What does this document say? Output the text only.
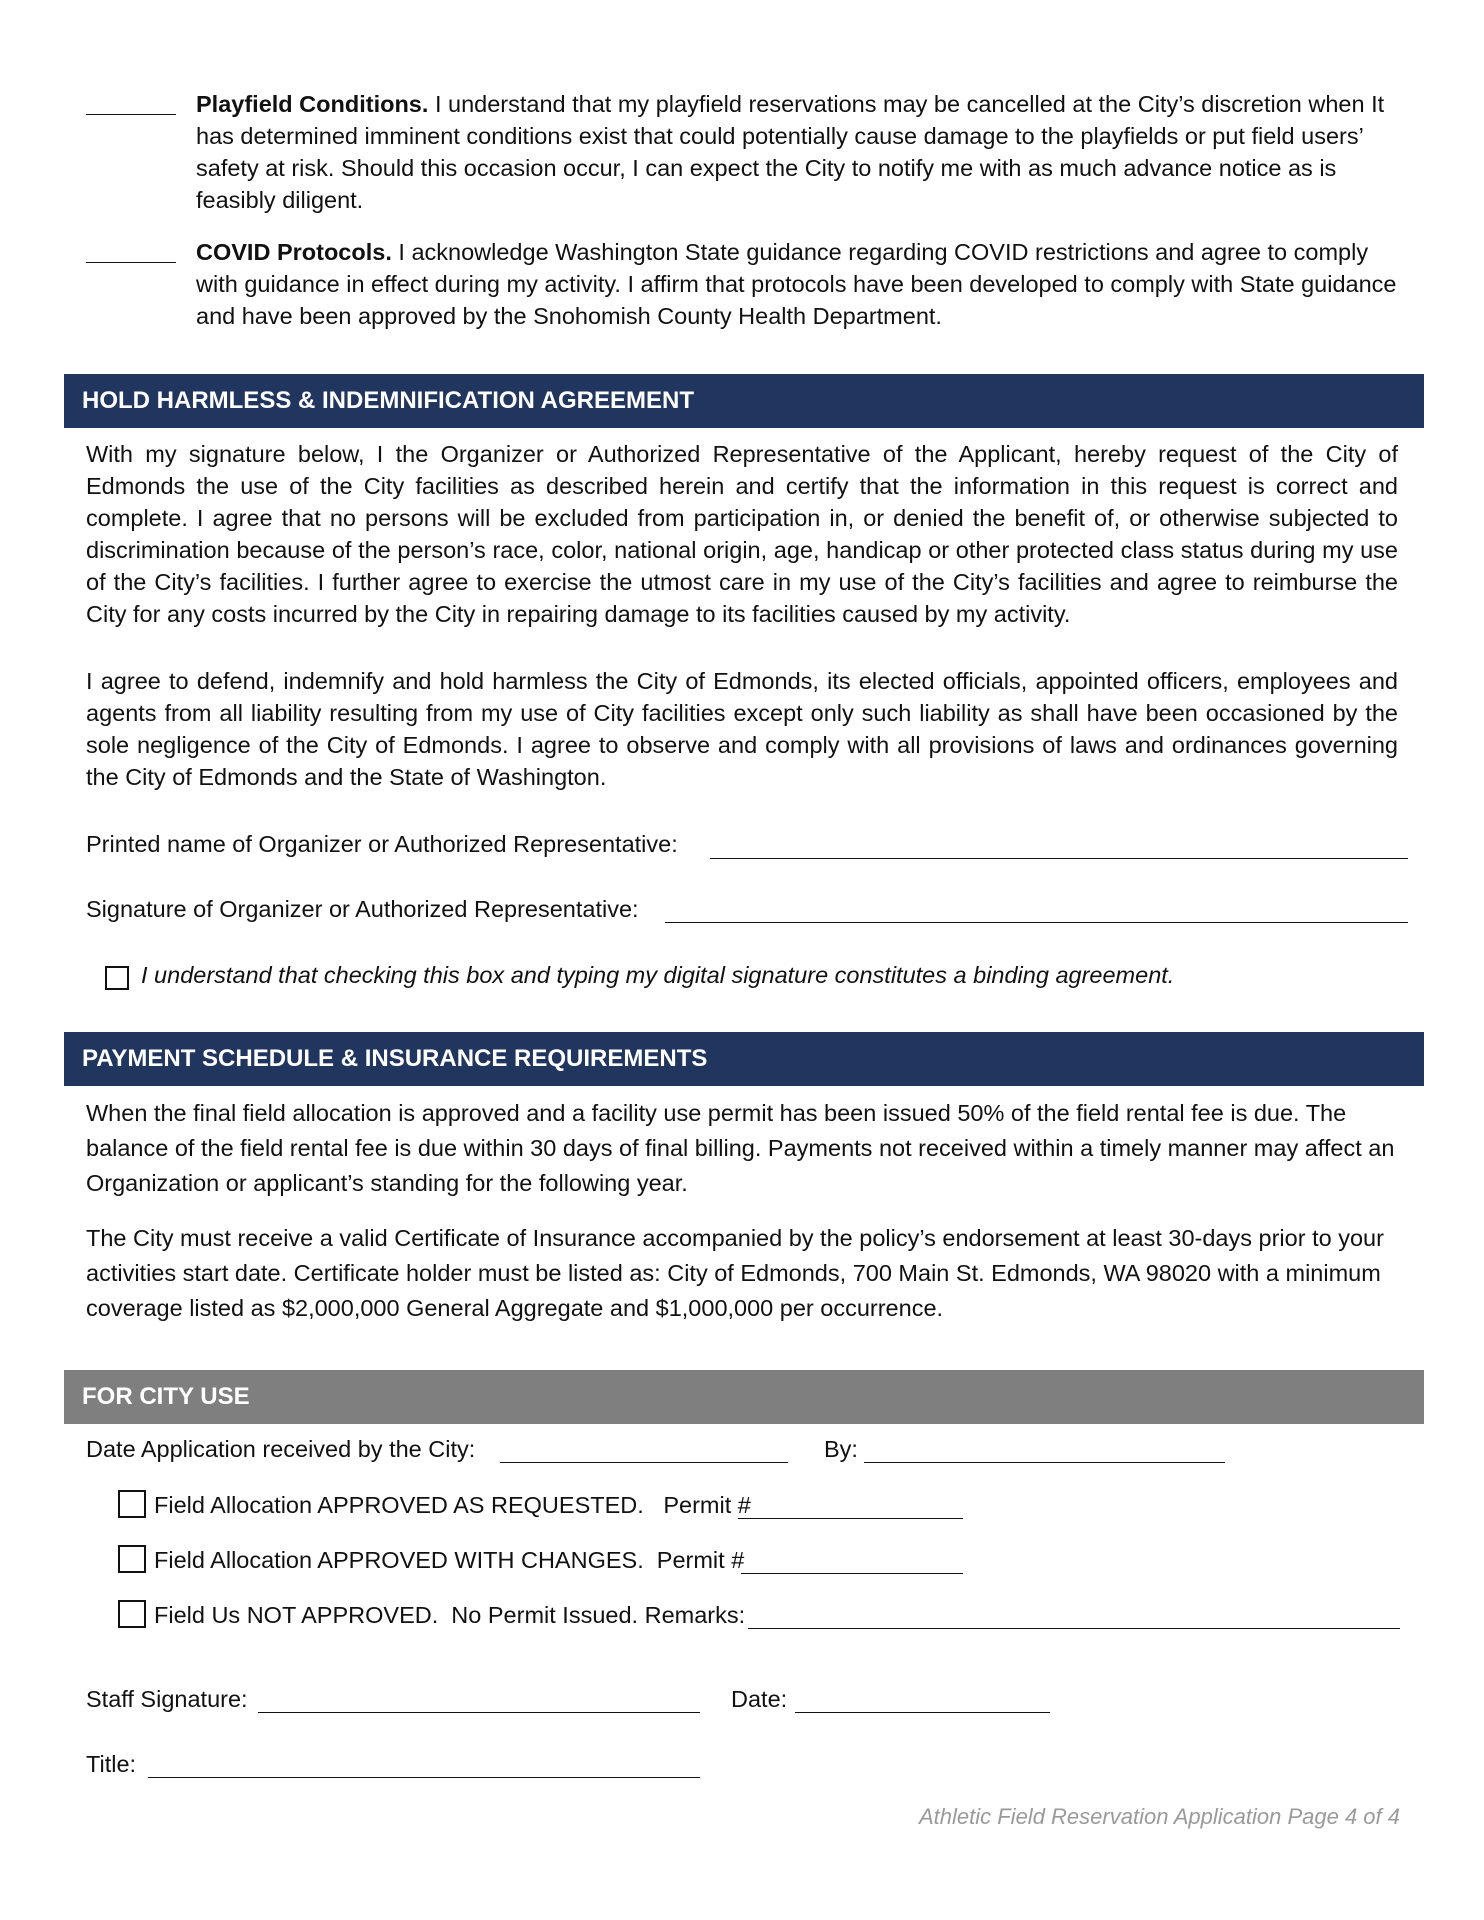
Playfield Conditions. I understand that my playfield reservations may be cancelled at the City’s discretion when It has determined imminent conditions exist that could potentially cause damage to the playfields or put field users’ safety at risk. Should this occasion occur, I can expect the City to notify me with as much advance notice as is feasibly diligent.
COVID Protocols. I acknowledge Washington State guidance regarding COVID restrictions and agree to comply with guidance in effect during my activity. I affirm that protocols have been developed to comply with State guidance and have been approved by the Snohomish County Health Department.
HOLD HARMLESS & INDEMNIFICATION AGREEMENT
With my signature below, I the Organizer or Authorized Representative of the Applicant, hereby request of the City of Edmonds the use of the City facilities as described herein and certify that the information in this request is correct and complete. I agree that no persons will be excluded from participation in, or denied the benefit of, or otherwise subjected to discrimination because of the person’s race, color, national origin, age, handicap or other protected class status during my use of the City’s facilities. I further agree to exercise the utmost care in my use of the City’s facilities and agree to reimburse the City for any costs incurred by the City in repairing damage to its facilities caused by my activity.
I agree to defend, indemnify and hold harmless the City of Edmonds, its elected officials, appointed officers, employees and agents from all liability resulting from my use of City facilities except only such liability as shall have been occasioned by the sole negligence of the City of Edmonds. I agree to observe and comply with all provisions of laws and ordinances governing the City of Edmonds and the State of Washington.
Printed name of Organizer or Authorized Representative:
Signature of Organizer or Authorized Representative:
I understand that checking this box and typing my digital signature constitutes a binding agreement.
PAYMENT SCHEDULE & INSURANCE REQUIREMENTS
When the final field allocation is approved and a facility use permit has been issued 50% of the field rental fee is due. The balance of the field rental fee is due within 30 days of final billing. Payments not received within a timely manner may affect an Organization or applicant’s standing for the following year.
The City must receive a valid Certificate of Insurance accompanied by the policy’s endorsement at least 30-days prior to your activities start date. Certificate holder must be listed as: City of Edmonds, 700 Main St. Edmonds, WA 98020 with a minimum coverage listed as $2,000,000 General Aggregate and $1,000,000 per occurrence.
FOR CITY USE
Date Application received by the City:	By:
Field Allocation APPROVED AS REQUESTED.   Permit #
Field Allocation APPROVED WITH CHANGES.  Permit #
Field Us NOT APPROVED.  No Permit Issued. Remarks:
Staff Signature:	Date:
Title:
Athletic Field Reservation Application Page 4 of 4
